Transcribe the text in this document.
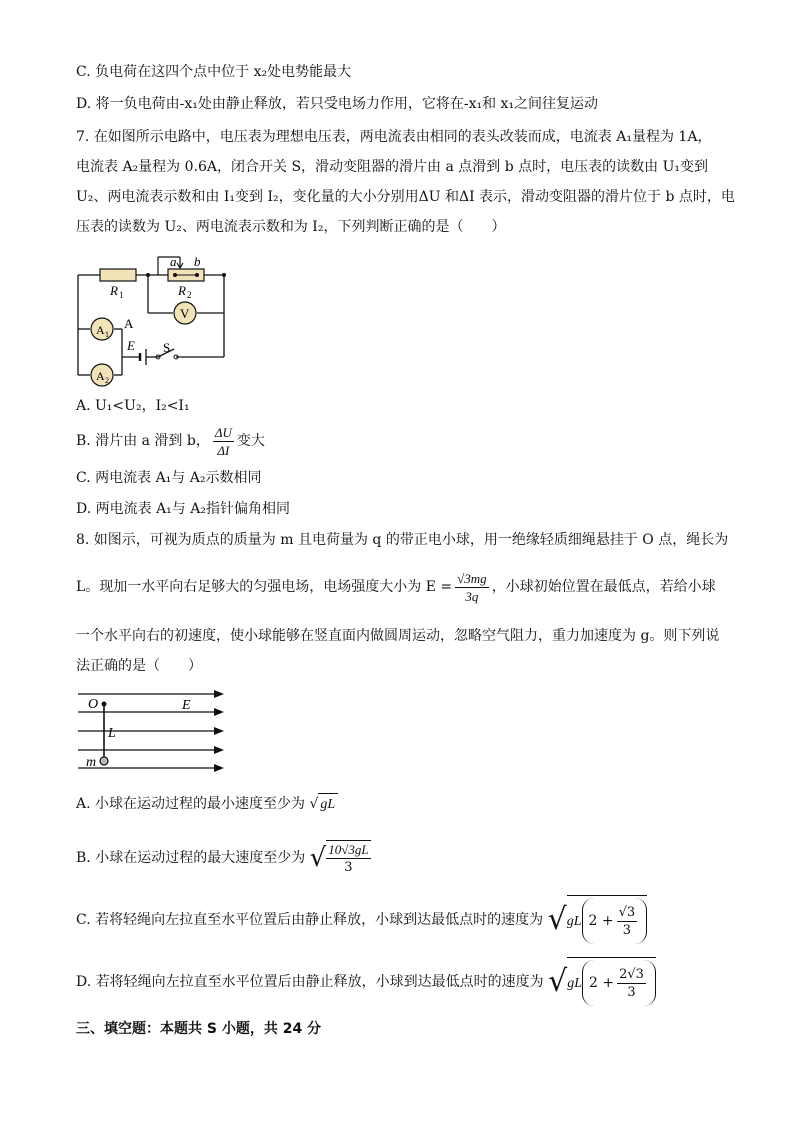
C. 负电荷在这四个点中位于 x₂处电势能最大
D. 将一负电荷由-x₁处由静止释放，若只受电场力作用，它将在-x₁和 x₁之间往复运动
7. 在如图所示电路中，电压表为理想电压表，两电流表由相同的表头改装而成，电流表 A₁量程为 1A，
电流表 A₂量程为 0.6A，闭合开关 S，滑动变阻器的滑片由 a 点滑到 b 点时，电压表的读数由 U₁变到
U₂、两电流表示数和由 I₁变到 I₂，变化量的大小分别用ΔU 和ΔI 表示，滑动变阻器的滑片位于 b 点时，电
压表的读数为 U₂、两电流表示数和为 I₂，下列判断正确的是（　　）
a b
R 1	R 2
V
A
A 1
A 2
E S
A. U₁<U₂，I₂<I₁
B. 滑片由 a 滑到 b， $\frac{\Delta U}{\Delta I}$ 变大
C. 两电流表 A₁与 A₂示数相同
D. 两电流表 A₁与 A₂指针偏角相同
8. 如图示，可视为质点的质量为 m 且电荷量为 q 的带正电小球，用一绝缘轻质细绳悬挂于 O 点，绳长为
L。现加一水平向右足够大的匀强电场，电场强度大小为 $E = \frac{√3mg}{3q}$ ，小球初始位置在最低点，若给小球
一个水平向右的初速度，使小球能够在竖直面内做圆周运动，忽略空气阻力，重力加速度为 g。则下列说
法正确的是（　　）
O	E
L
m
A. 小球在运动过程的最小速度至少为 √ gL
B. 小球在运动过程的最大速度至少为 √ $\frac{10√3gL}{3}$
C. 若将轻绳向左拉直至水平位置后由静止释放，小球到达最低点时的速度为 √gL $2 + \frac{√3}{3}$
D. 若将轻绳向左拉直至水平位置后由静止释放，小球到达最低点时的速度为 √gL $2 + \frac{2√3}{3}$
三、填空题：本题共 S 小题，共 24 分
